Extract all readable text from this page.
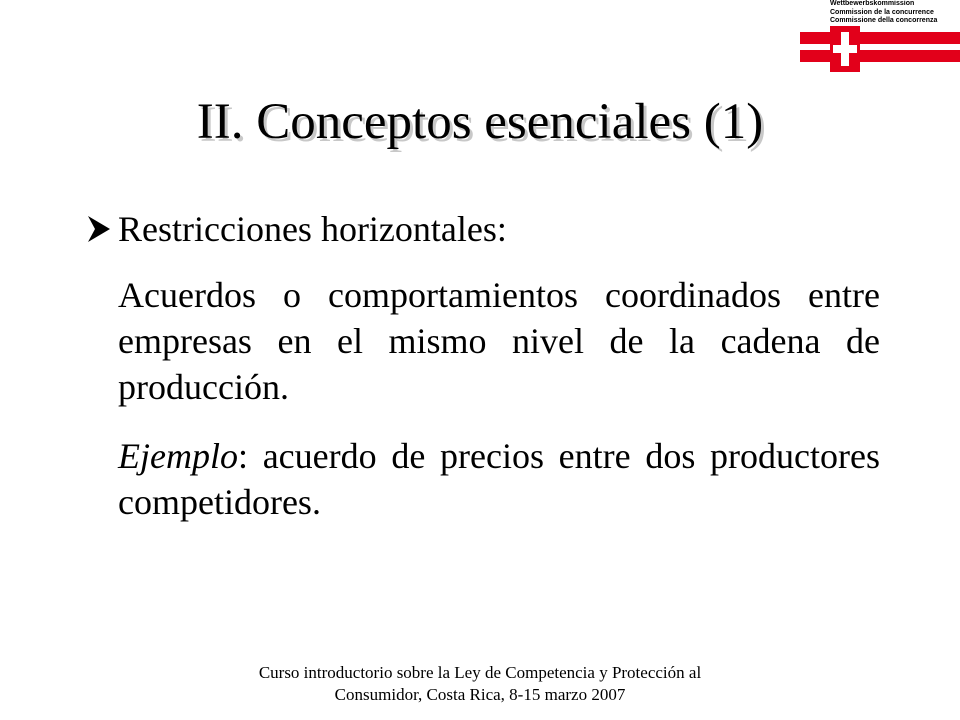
Wettbewerbskommission
Commission de la concurrence
Commissione della concorrenza
II. Conceptos esenciales (1)
Restricciones horizontales:
Acuerdos o comportamientos coordinados entre empresas en el mismo nivel de la cadena de producción.
Ejemplo: acuerdo de precios entre dos productores competidores.
Curso introductorio sobre la Ley de Competencia y Protección al
Consumidor, Costa Rica, 8-15 marzo 2007
